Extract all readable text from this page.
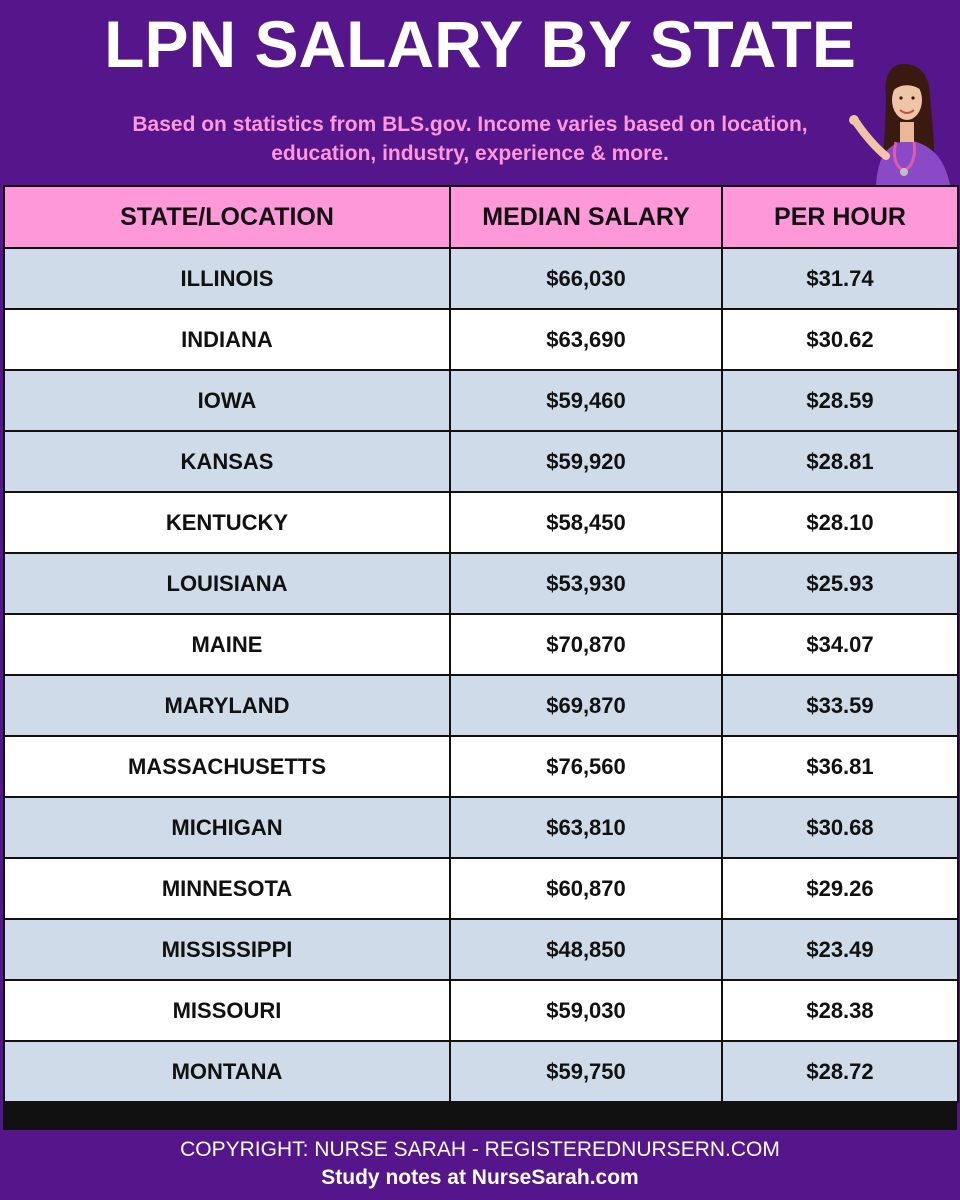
LPN SALARY BY STATE
Based on statistics from BLS.gov. Income varies based on location, education, industry, experience & more.
STATE/LOCATION	MEDIAN SALARY	PER HOUR
ILLINOIS	$66,030	$31.74
INDIANA	$63,690	$30.62
IOWA	$59,460	$28.59
KANSAS	$59,920	$28.81
KENTUCKY	$58,450	$28.10
LOUISIANA	$53,930	$25.93
MAINE	$70,870	$34.07
MARYLAND	$69,870	$33.59
MASSACHUSETTS	$76,560	$36.81
MICHIGAN	$63,810	$30.68
MINNESOTA	$60,870	$29.26
MISSISSIPPI	$48,850	$23.49
MISSOURI	$59,030	$28.38
MONTANA	$59,750	$28.72
COPYRIGHT: NURSE SARAH - REGISTEREDNURSERN.COM
Study notes at NurseSarah.com
